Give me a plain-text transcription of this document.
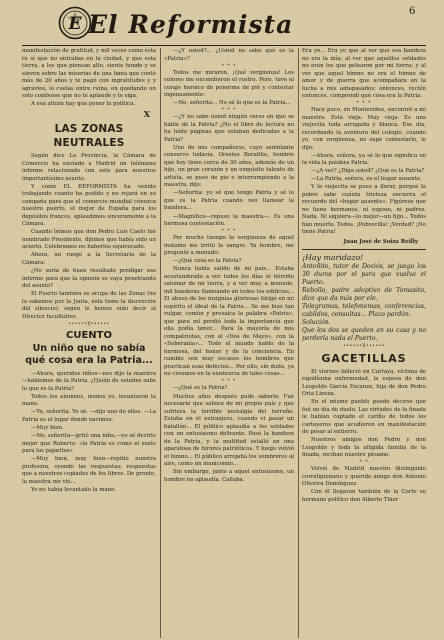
E El Reformista	6

manifestación de gratitud, y mil veces como ésta tú sí que no entrabas en la ciudad, y que esta tierra, a los que piensan alto, siente hondo y se eleven sobre las miserias de una fama que conté más de 20 años y te pagó con ingratitudes y y agravios, lo cuelas entre ruina, en quedando un solo condense que no te aplaude y te siga.

A esa altura hay que poner la política.

X
LAS ZONAS NEUTRALES

Según dice La Provincia, la Cámara de Comercio ha enviado a Madrid un telémano informe relacionado con este para nuestros importantísimo asunto.

Y como EL REFORMISTA ha venido trabajando cuanto ha podido y no rejará en su campaña para que el comercio mundial conozca nuestro puerto, el mejor de España para los depósitos francos, aplaudimos sinceramente a la Cámara.

Cuando leímos que don Pedro Luis Caelo fué nombrado Presidente, dijimos que había sido un acierto. Celebramos no haberlos equivocado.

Ahora, un ruego a la Secretaría de la Cámara:

¿No sería de buen resultado prodigar ese informe para que la opinión se vaya penetrando del asunto?

El Puerto también se ocupa de las Zonas (no lo sabemos por la Junta, ésta tiene la discreción del silencio), según le hemos oído decir al Director facultativo.

••••••Ɣ••••••
CUENTO
Un niño que no sabía qué cosa era la Patria...

—Ahora, queridos niños—nos dijo la maestra—hablemos de la Patria. ¿Quién de ustedes sabe lo que es la Patria?

Todos los alumnos, menos yo, levantaron la mano.

—Yo, señorita. Yo sé. —dijo uno de ellos. —La Patria es el lugar donde nacimos.

—Muy bien.

—No, señorita—gritó una niña,—yo sé decirlo mejor que Roberto: «la Patria es como el suelo para los pajaritos»

—Muy bien, muy bien—repitió nuestra profesora, oyendo las respuestas; respuestas que a nosotros copiados de los libros. De pronto, la maestra me vió...

Yo no había levantado la mano.

—¿Y usted?... ¿Usted no sabe qué es la «Patria»?

* * *

Todos me miraron. ¡Qué vergüenza! Los colores me encendieron el rostro. Pero, tuve el coraje heroico de ponerme de pié y contestar ingenuamente:

—No, señorita... No sé lo que es la Patria...

* * *

—¿Y no sabe usted ningún verso en que se hable de la Patria? ¿No el libro de lectura no ha leído páginas que estaban dedicadas a la Patria?

Uno de mis compañeros, cuyo semblante conservo todavía, Orestes Borafilio, hombre que hoy tiene cerca de 30 años, además de un hijo, un gran corazón y un exquisito talento de artista, se puso de pie e interrumpiendo a la maestra, dijo:

—Señorita: yo sé que tengo Patria y sé lo que es la Patria cuando veo llamear la bandera...

—Magnífico—repuso la maestra—. Es una hermosa contestación.

* * *

Por mucho tiempo la vergüenza de aquel instante me irritó la sangre. Ya hombre, me pregunté a menudo:

—¿Qué cosa es la Patria?

Nunca había salido de mi país... Estaba acostumbrado a ver todos los días el hórrido salomar de mi tierra, y a ver muy a menudo, mil banderas flameando en todos los edificios... El abuso de los insignias gloriosas fatigó en mi espíritu el ideal de la Patria... Se me hizo tan vulgar, común y prosaica la palabra «Patria», que para mí perdió toda la importancia que ella podía tener... Para la mayoría de mis compatriotas, con el «Dos de Mayo», con la «Soberanía»... Todo el mundo hablo de la hermosa, del honor y de la conciencia. En cambio son muy escasos los hombres que practican esas defectos... Por ello, sin duda, ya no creemos en la existencia de tales cosas...

* * *

—¿Qué es la Patria?

Muchos años después pude saberlo. Fué necesario que saliera de mi propio país y que sufriera la terrible nostalgia del terruño. Estaba en el extranjero, cuando vi pasar un batallón... El público aplaudía a los soldados con un entusiasmo delirante. Pasó la bandera de la Patria, y la multitud estalló en una aparatosa de furores patrióticos. Y luego volvió el himno... El público arrojaba los sombreros al aire, como un manicomio...

Sin embargo, junto a aquel entusiasmo, un hombre no aplaudía. Callaba.

Era yo... Era yo que al ver que esa bandera no era la mía; al ver que aquellos soldados no eran los que pelearon por mi tierra; y al ver que aquel himno no era el himno de amor y de guerra que acompañara en la lucha a mis antepasados; entonces, recién entonces, comprendí qué cosa era la Patria.

* * *

Hace poco, en Montevideo, encontré a mi maestra. Está vieja. Muy vieja. Es una viejecita toda arrugada y blanca. Ese día, recordando la aventura del colegio, cuando yo, con vergüenza, no supe contestarle, le dije:

—Ahora, señora, ya sé lo que significa en la vida la palabra Patria.

—¿A ver? ¿Diga usted? ¿Qué es la Patria?

—La Patria, señora, es el hogar ausente.

Y la viejecita se puso a llorar, porque la pobre sabe cuánta tristeza encierra el recuerdo del «hogar ausente». Figúrese que no tiene hermanos, ni esposo, ni padres. Nada. Ni siquiera—lo mejor—un hijo... Todos han muerto. Todos. ¡Pobrecilla! ¡Verdad? ¡No tiene Patria!

Juan José de Soiza Reilly

¡Hay maridazo!

Antoñito, tutor de Dociós, se juega los 30 duros por el para que vuelva el Puerto.

Rebollo, padre adoptivo de Tomasito, dice que da más por ele.

Telegramas, telefonemas, conferencias, cablidos, consultas... Plazo pardón.

Solución.

Que los dos se queden en su casa y no perderla nada el Puerto.

••••••Ɣ••••••
GACETILLAS

El viernes falleció en Cartaya, víctima de rapidísima enfermedad, la esposa de don Leopoldo García Escanez, hija de don Pedro Oria Lineza.

En el mismo pueblo puede decirse que fué un día de duelo. Las virtudes de la finada le habían captado el cariño de todos los cartayeros que acudieron en manifestación de pesar al entierro.

Nuestros amigos don Pedro y don Leopoldo y toda la afligida familia de la finada, reciban nuestro pésame.

* *

Volvió de Madrid nuestro distinguido correligionario y querido amigo don Antonio Oliveira Domínguez.

Con él llegaron también de la Corte su hermano político don Alberto Thier
